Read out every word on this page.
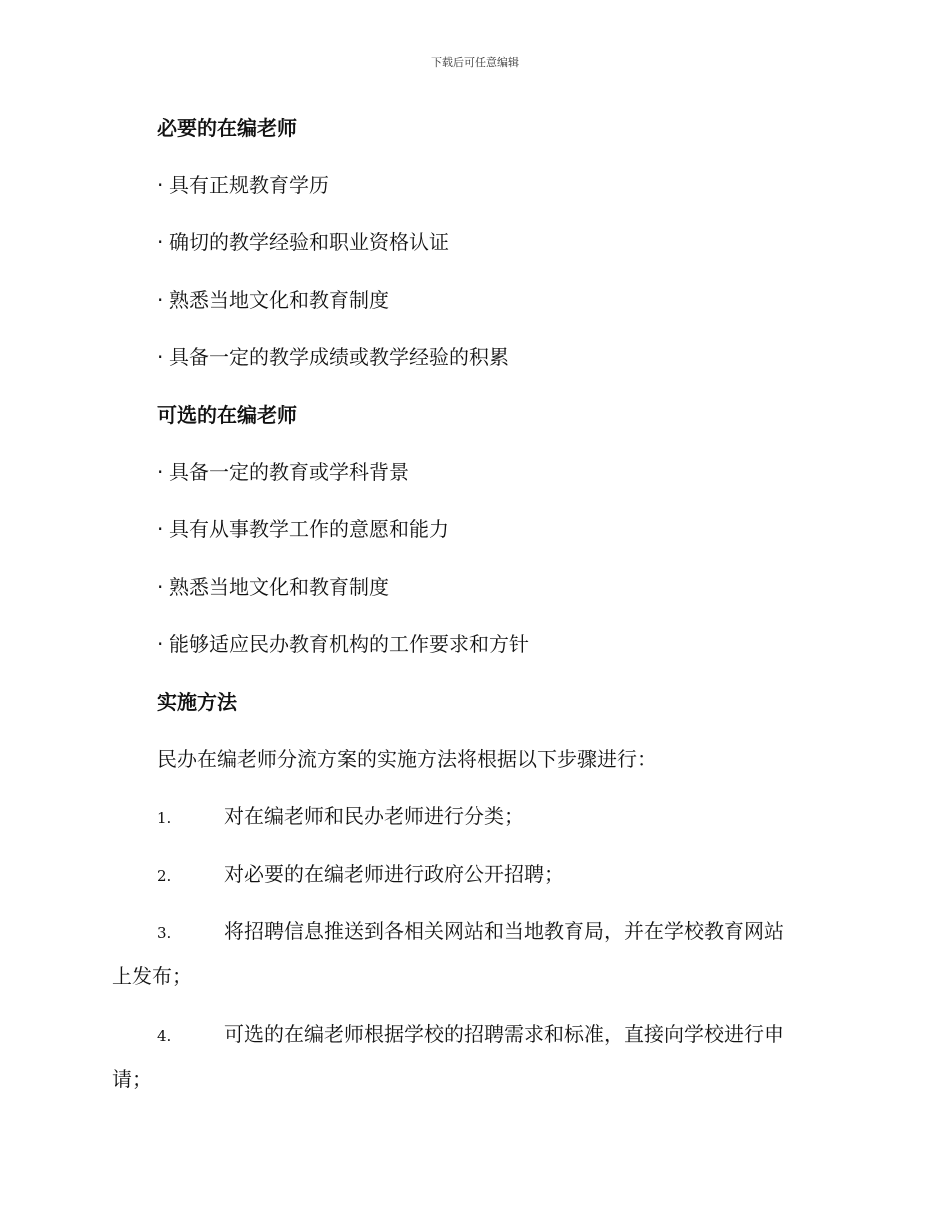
下载后可任意编辑
必要的在编老师
· 具有正规教育学历
· 确切的教学经验和职业资格认证
· 熟悉当地文化和教育制度
· 具备一定的教学成绩或教学经验的积累
可选的在编老师
· 具备一定的教育或学科背景
· 具有从事教学工作的意愿和能力
· 熟悉当地文化和教育制度
· 能够适应民办教育机构的工作要求和方针
实施方法
民办在编老师分流方案的实施方法将根据以下步骤进行：
1.	对在编老师和民办老师进行分类；
2.	对必要的在编老师进行政府公开招聘；
3.	将招聘信息推送到各相关网站和当地教育局，并在学校教育网站
上发布；
4.	可选的在编老师根据学校的招聘需求和标准，直接向学校进行申
请；
